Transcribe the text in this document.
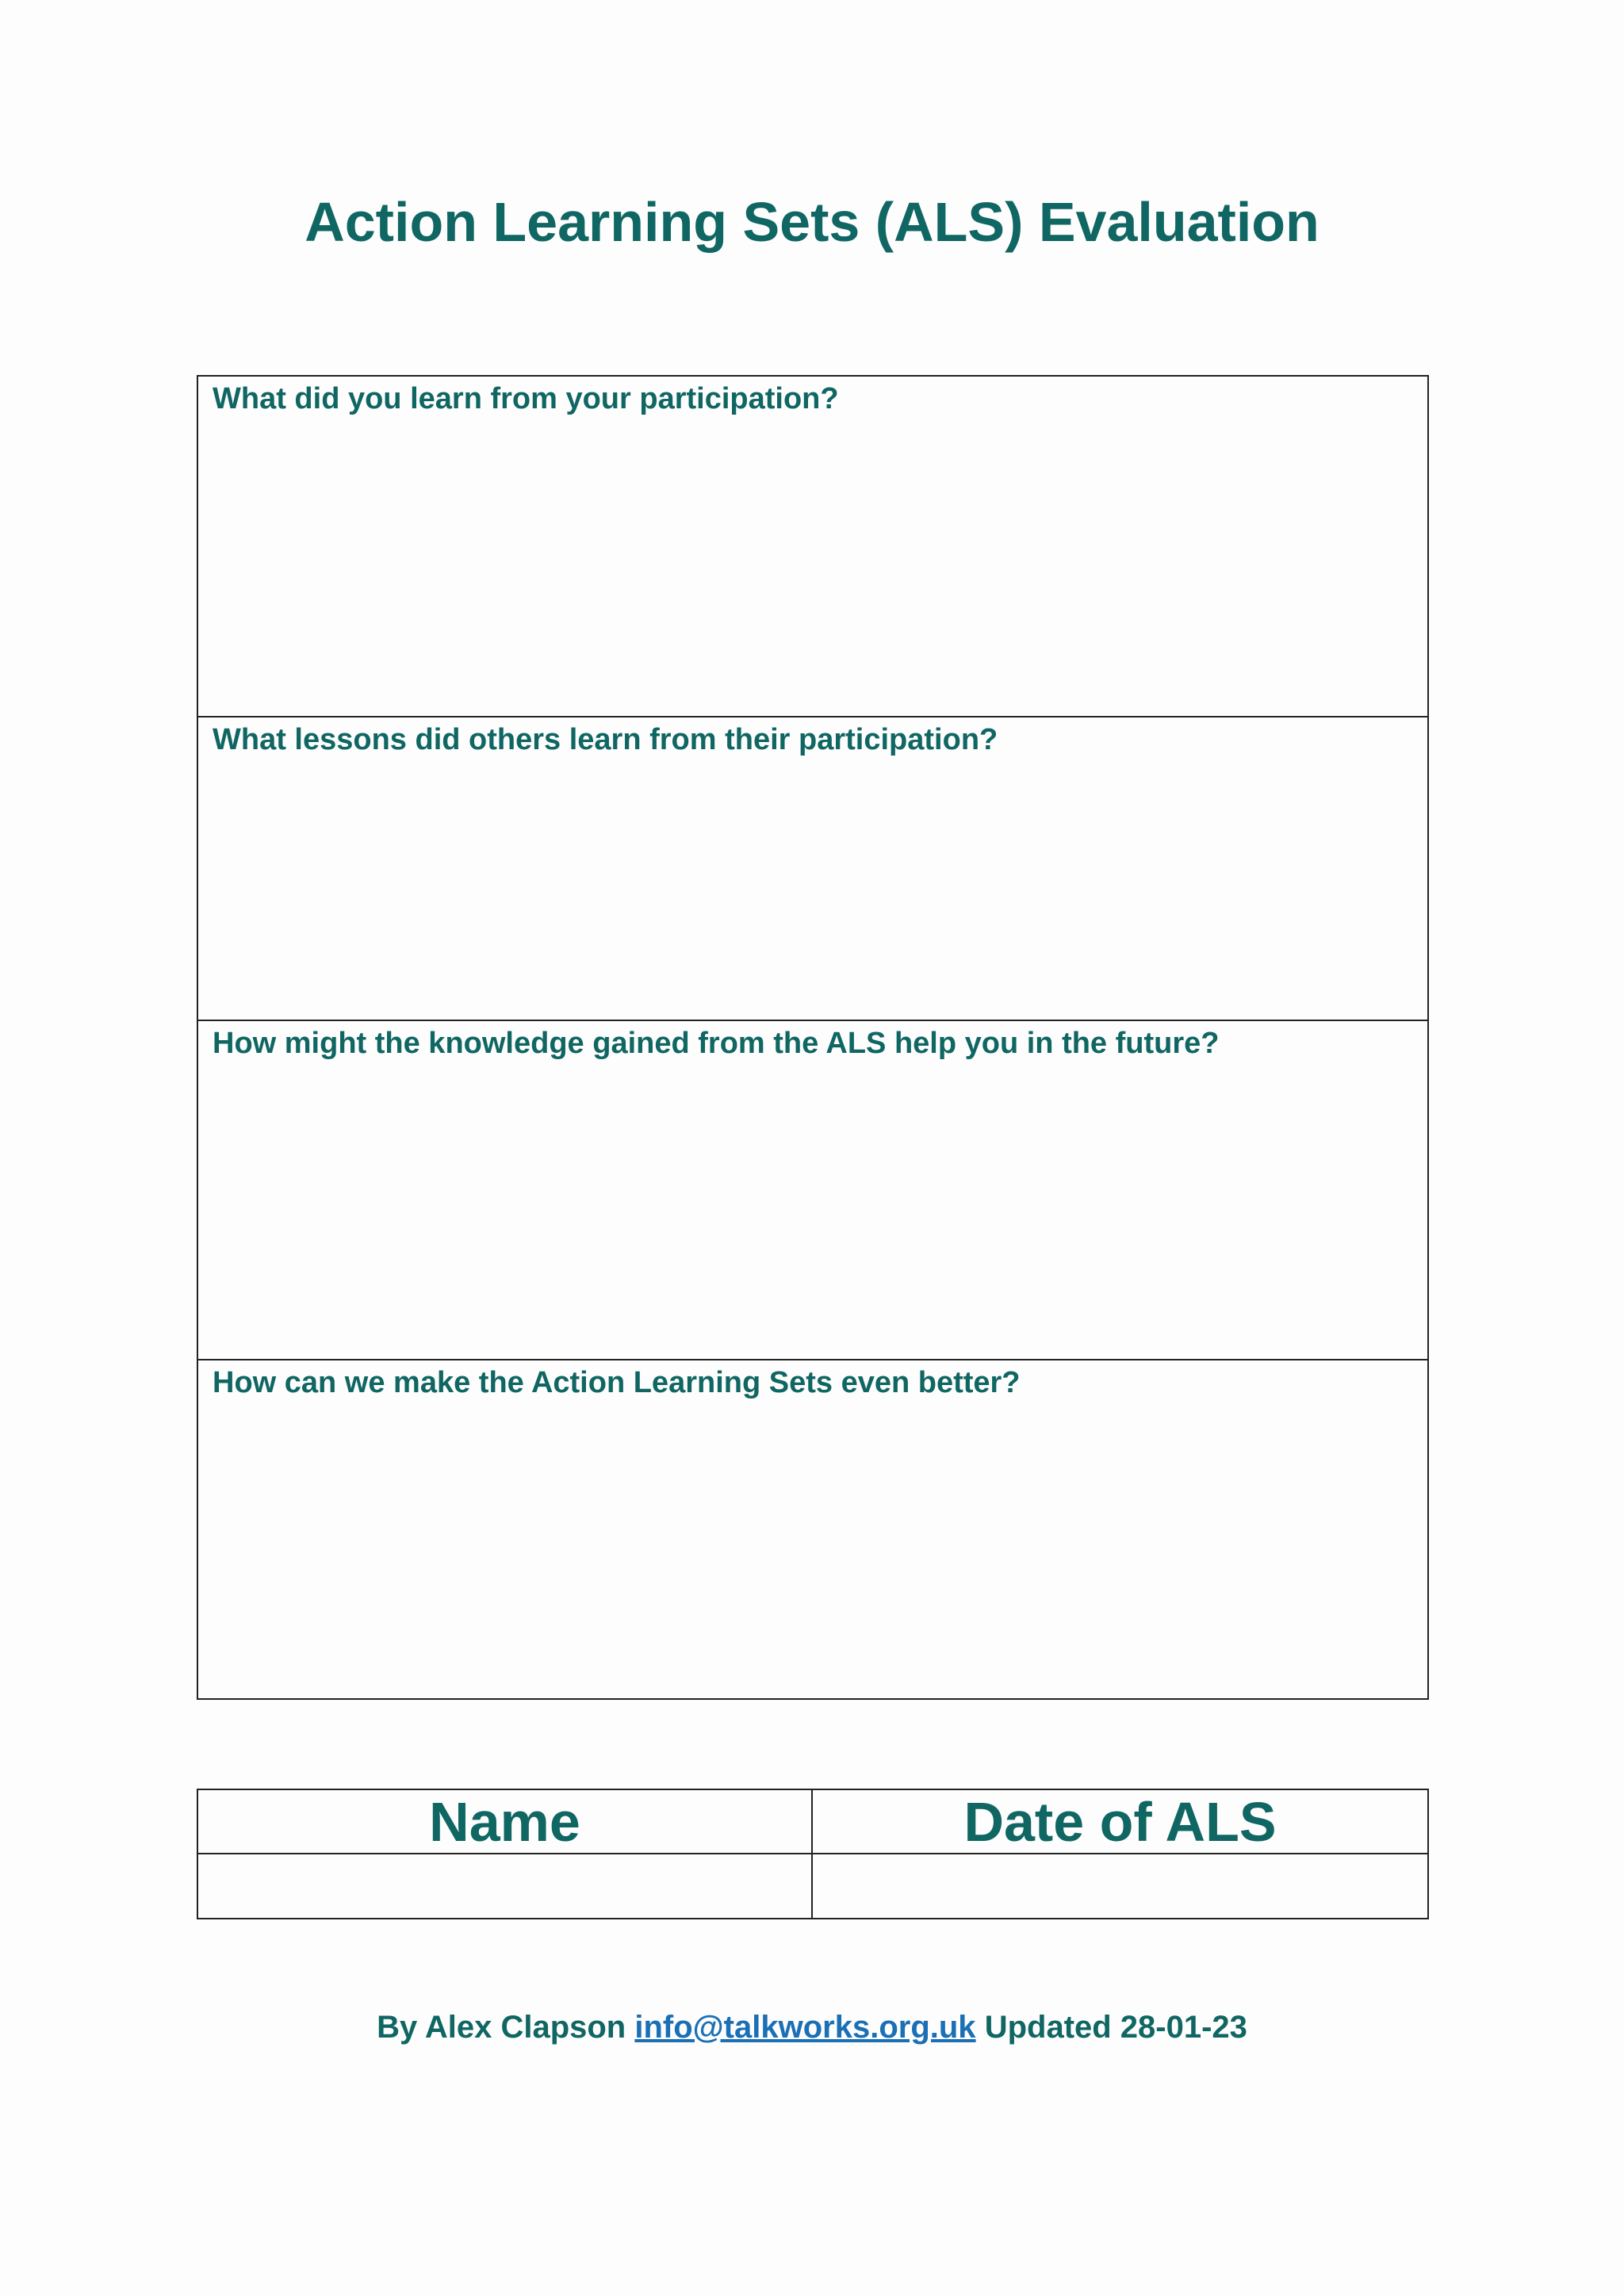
Action Learning Sets (ALS) Evaluation
What did you learn from your participation?
What lessons did others learn from their participation?
How might the knowledge gained from the ALS help you in the future?
How can we make the Action Learning Sets even better?
Name	Date of ALS
By Alex Clapson info@talkworks.org.uk Updated 28-01-23
